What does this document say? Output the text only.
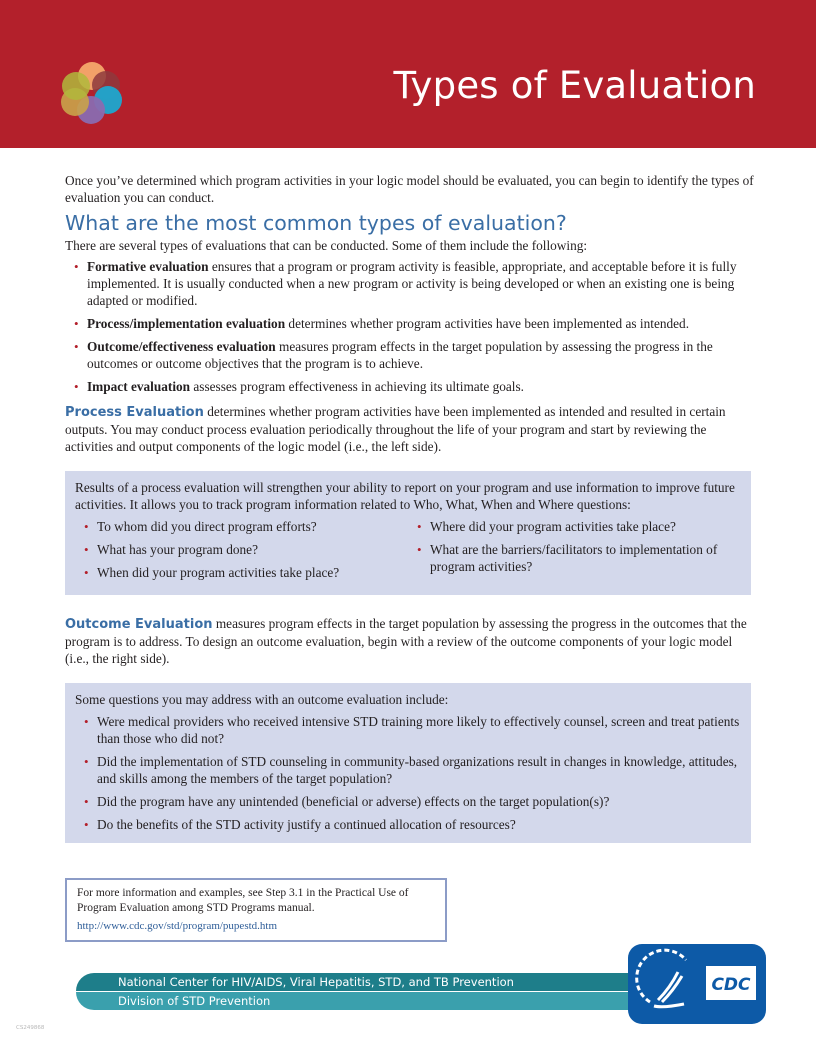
Types of Evaluation

Once you’ve determined which program activities in your logic model should be evaluated, you can begin to identify the types of evaluation you can conduct.

What are the most common types of evaluation?

There are several types of evaluations that can be conducted. Some of them include the following:

• Formative evaluation ensures that a program or program activity is feasible, appropriate, and acceptable before it is fully implemented. It is usually conducted when a new program or activity is being developed or when an existing one is being adapted or modified.
• Process/implementation evaluation determines whether program activities have been implemented as intended.
• Outcome/effectiveness evaluation measures program effects in the target population by assessing the progress in the outcomes or outcome objectives that the program is to achieve.
• Impact evaluation assesses program effectiveness in achieving its ultimate goals.

Process Evaluation determines whether program activities have been implemented as intended and resulted in certain outputs. You may conduct process evaluation periodically throughout the life of your program and start by reviewing the activities and output components of the logic model (i.e., the left side).

Results of a process evaluation will strengthen your ability to report on your program and use information to improve future activities. It allows you to track program information related to Who, What, When and Where questions:

• To whom did you direct program efforts?
• What has your program done?
• When did your program activities take place?
• Where did your program activities take place?
• What are the barriers/facilitators to implementation of program activities?

Outcome Evaluation measures program effects in the target population by assessing the progress in the outcomes that the program is to address. To design an outcome evaluation, begin with a review of the outcome components of your logic model (i.e., the right side).

Some questions you may address with an outcome evaluation include:

• Were medical providers who received intensive STD training more likely to effectively counsel, screen and treat patients than those who did not?
• Did the implementation of STD counseling in community-based organizations result in changes in knowledge, attitudes, and skills among the members of the target population?
• Did the program have any unintended (beneficial or adverse) effects on the target population(s)?
• Do the benefits of the STD activity justify a continued allocation of resources?

For more information and examples, see Step 3.1 in the Practical Use of Program Evaluation among STD Programs manual.

http://www.cdc.gov/std/program/pupestd.htm
National Center for HIV/AIDS, Viral Hepatitis, STD, and TB Prevention
Division of STD Prevention
CDC
CS249868
